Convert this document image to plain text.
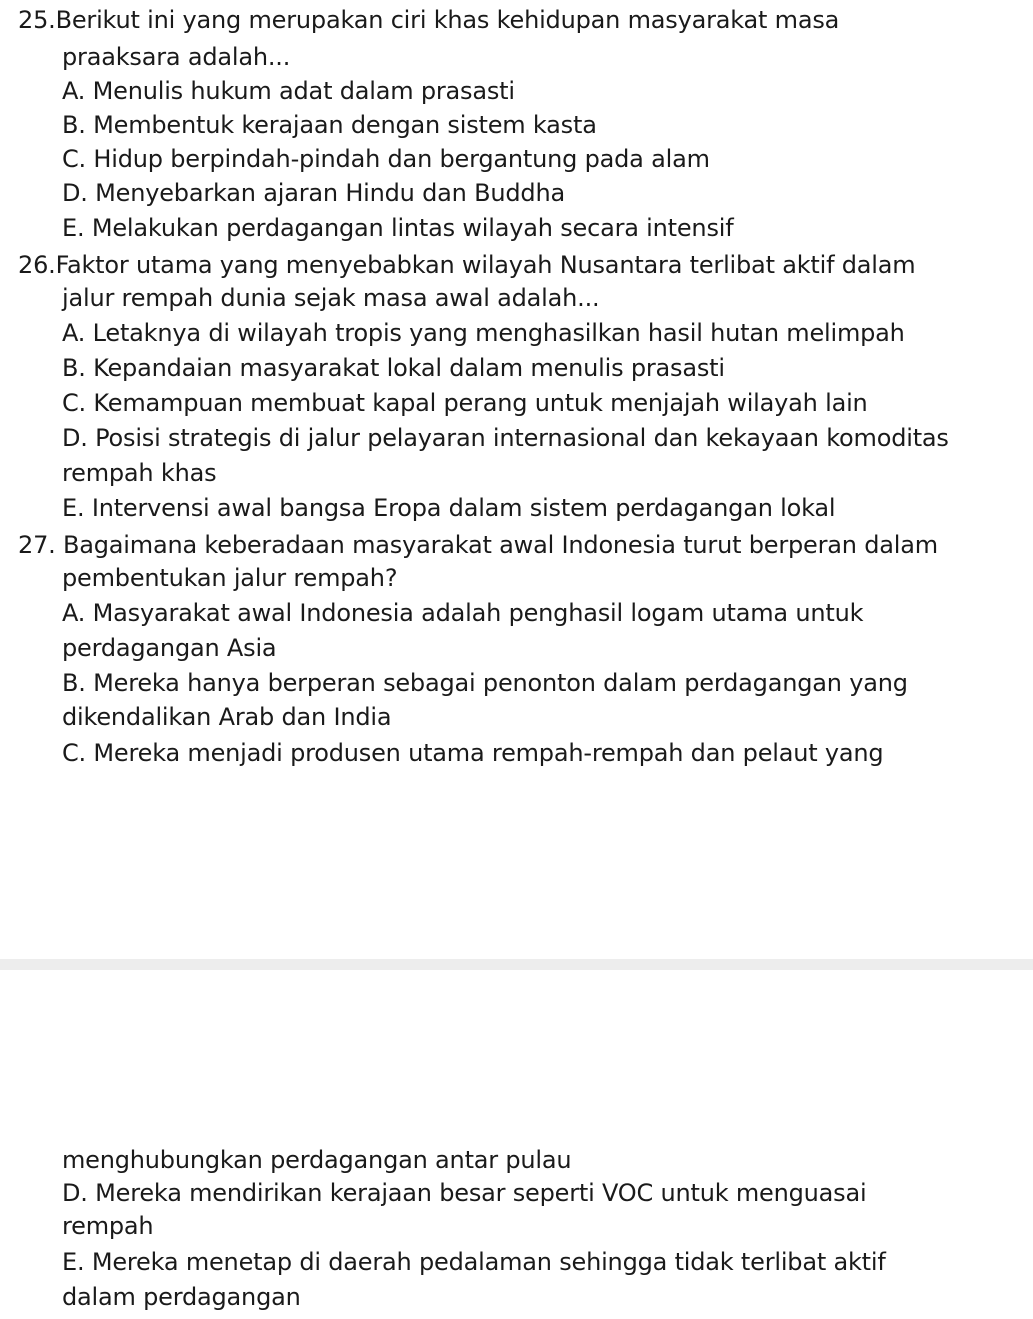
25.Berikut ini yang merupakan ciri khas kehidupan masyarakat masa
praaksara adalah...
A. Menulis hukum adat dalam prasasti
B. Membentuk kerajaan dengan sistem kasta
C. Hidup berpindah-pindah dan bergantung pada alam
D. Menyebarkan ajaran Hindu dan Buddha
E. Melakukan perdagangan lintas wilayah secara intensif
26.Faktor utama yang menyebabkan wilayah Nusantara terlibat aktif dalam
jalur rempah dunia sejak masa awal adalah...
A. Letaknya di wilayah tropis yang menghasilkan hasil hutan melimpah
B. Kepandaian masyarakat lokal dalam menulis prasasti
C. Kemampuan membuat kapal perang untuk menjajah wilayah lain
D. Posisi strategis di jalur pelayaran internasional dan kekayaan komoditas
rempah khas
E. Intervensi awal bangsa Eropa dalam sistem perdagangan lokal
27. Bagaimana keberadaan masyarakat awal Indonesia turut berperan dalam
pembentukan jalur rempah?
A. Masyarakat awal Indonesia adalah penghasil logam utama untuk
perdagangan Asia
B. Mereka hanya berperan sebagai penonton dalam perdagangan yang
dikendalikan Arab dan India
C. Mereka menjadi produsen utama rempah-rempah dan pelaut yang
menghubungkan perdagangan antar pulau
D. Mereka mendirikan kerajaan besar seperti VOC untuk menguasai
rempah
E. Mereka menetap di daerah pedalaman sehingga tidak terlibat aktif
dalam perdagangan
